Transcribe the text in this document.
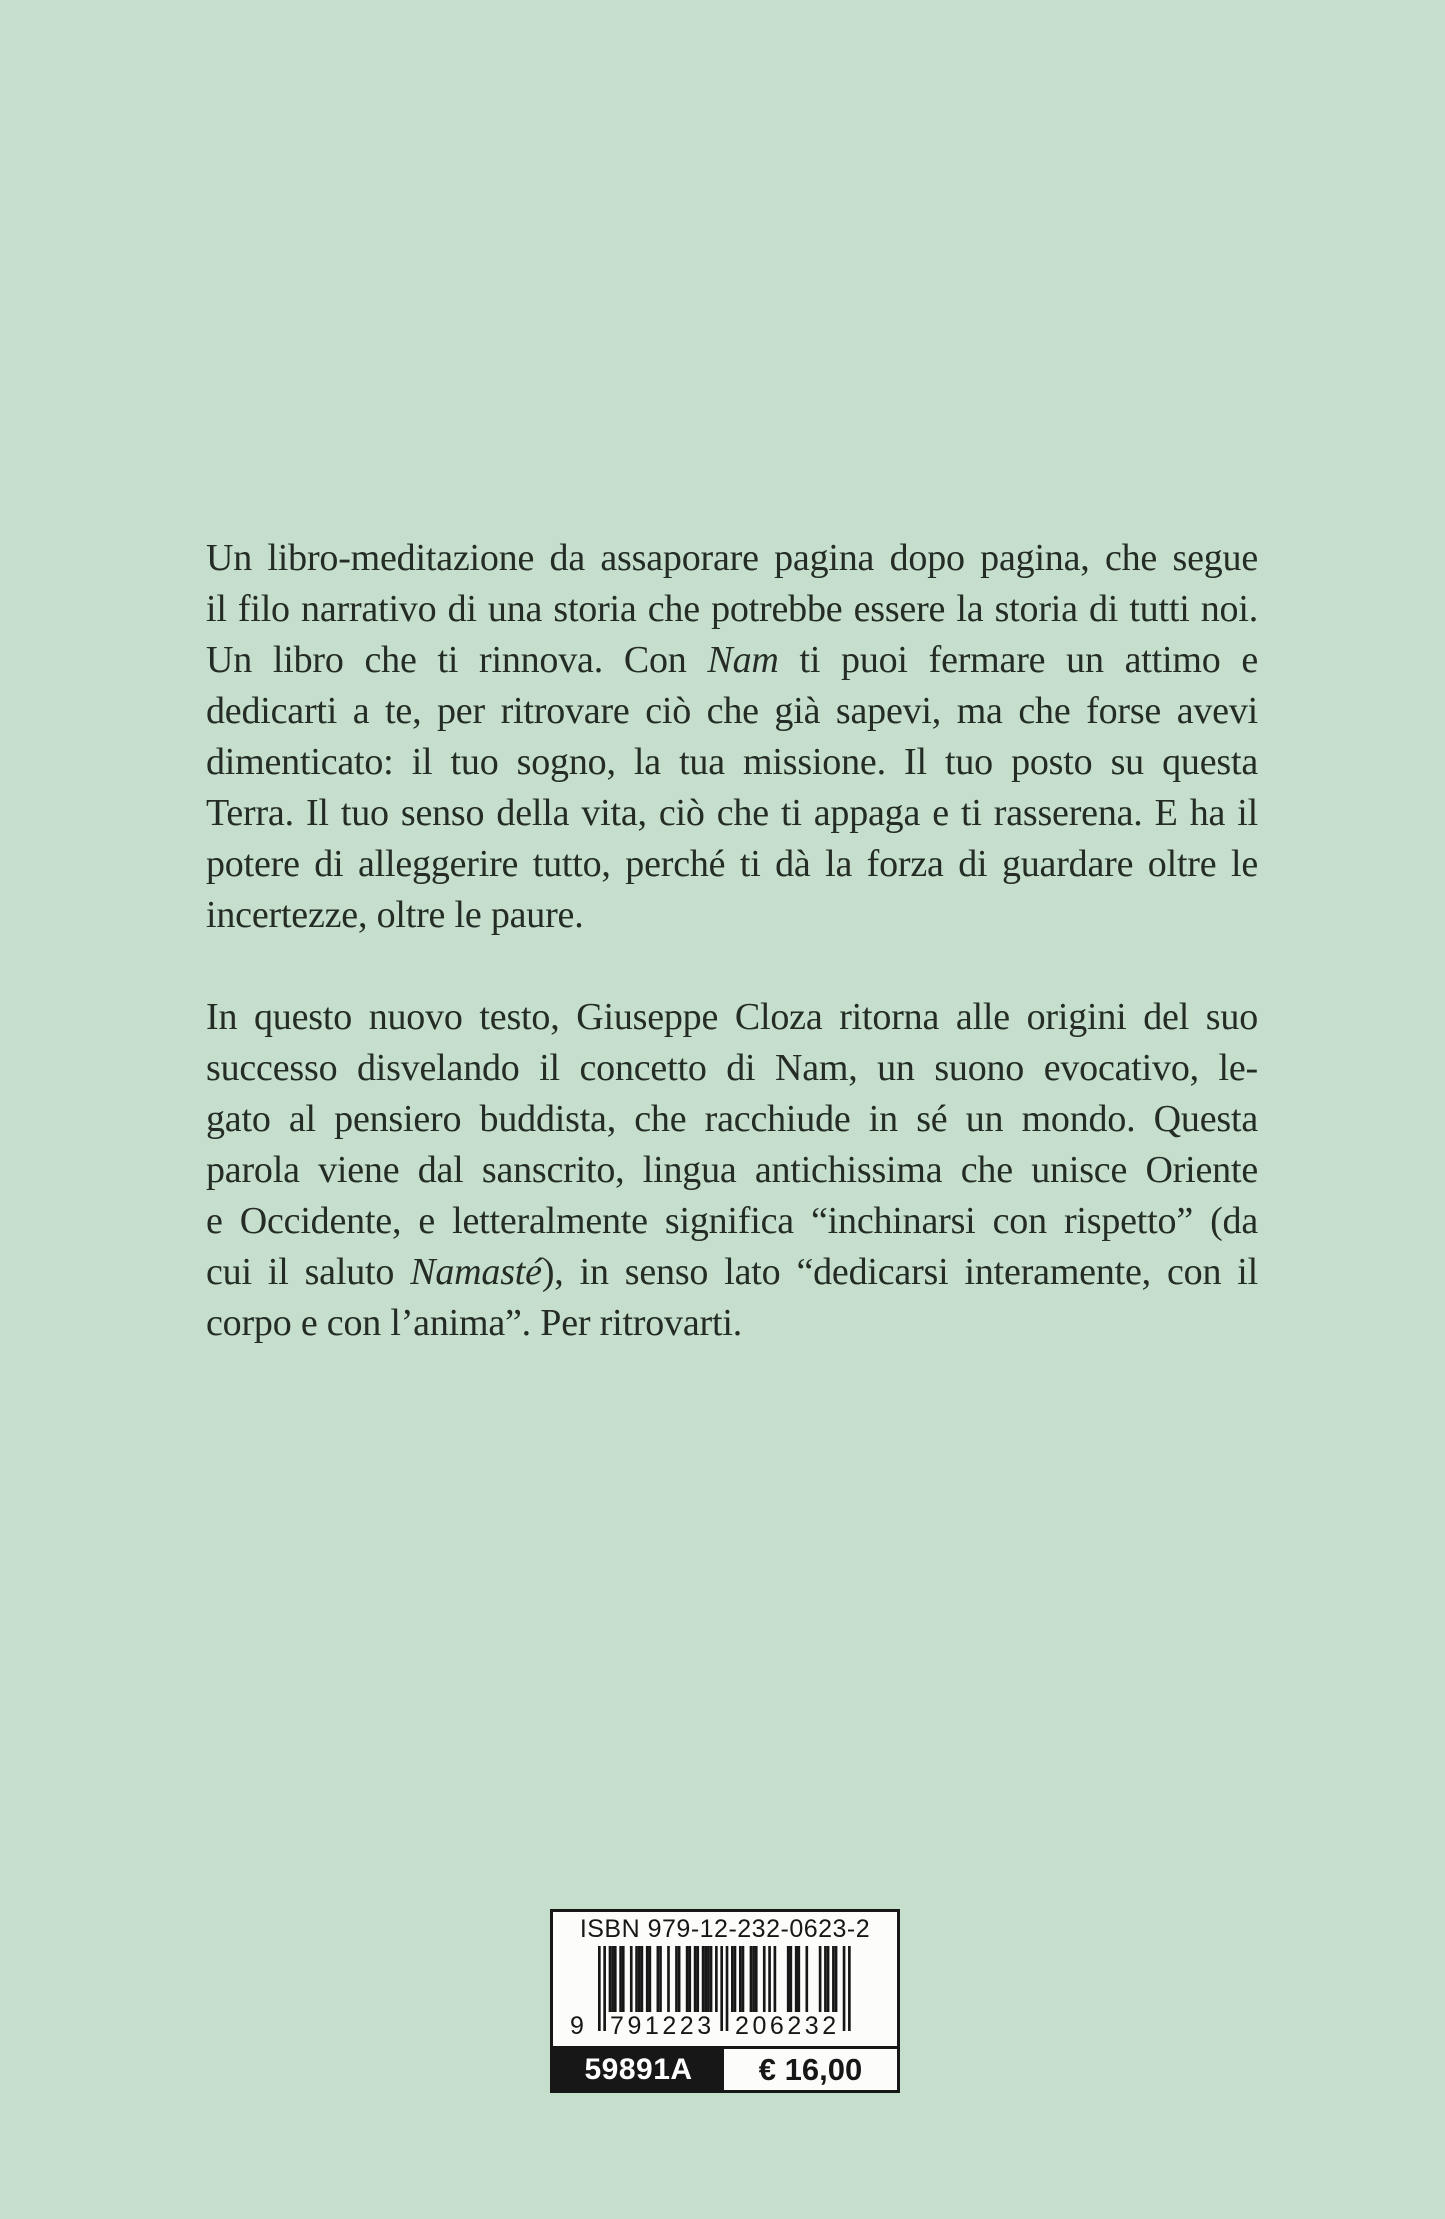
Un libro-meditazione da assaporare pagina dopo pagina, che segue
il filo narrativo di una storia che potrebbe essere la storia di tutti noi.
Un libro che ti rinnova. Con Nam ti puoi fermare un attimo e
dedicarti a te, per ritrovare ciò che già sapevi, ma che forse avevi
dimenticato: il tuo sogno, la tua missione. Il tuo posto su questa
Terra. Il tuo senso della vita, ciò che ti appaga e ti rasserena. E ha il
potere di alleggerire tutto, perché ti dà la forza di guardare oltre le
incertezze, oltre le paure.
In questo nuovo testo, Giuseppe Cloza ritorna alle origini del suo
successo disvelando il concetto di Nam, un suono evocativo, le-
gato al pensiero buddista, che racchiude in sé un mondo. Questa
parola viene dal sanscrito, lingua antichissima che unisce Oriente
e Occidente, e letteralmente significa “inchinarsi con rispetto” (da
cui il saluto Namasté), in senso lato “dedicarsi interamente, con il
corpo e con l’anima”. Per ritrovarti.
ISBN 979-12-232-0623-2
9 791223 206232
59891A	€ 16,00
